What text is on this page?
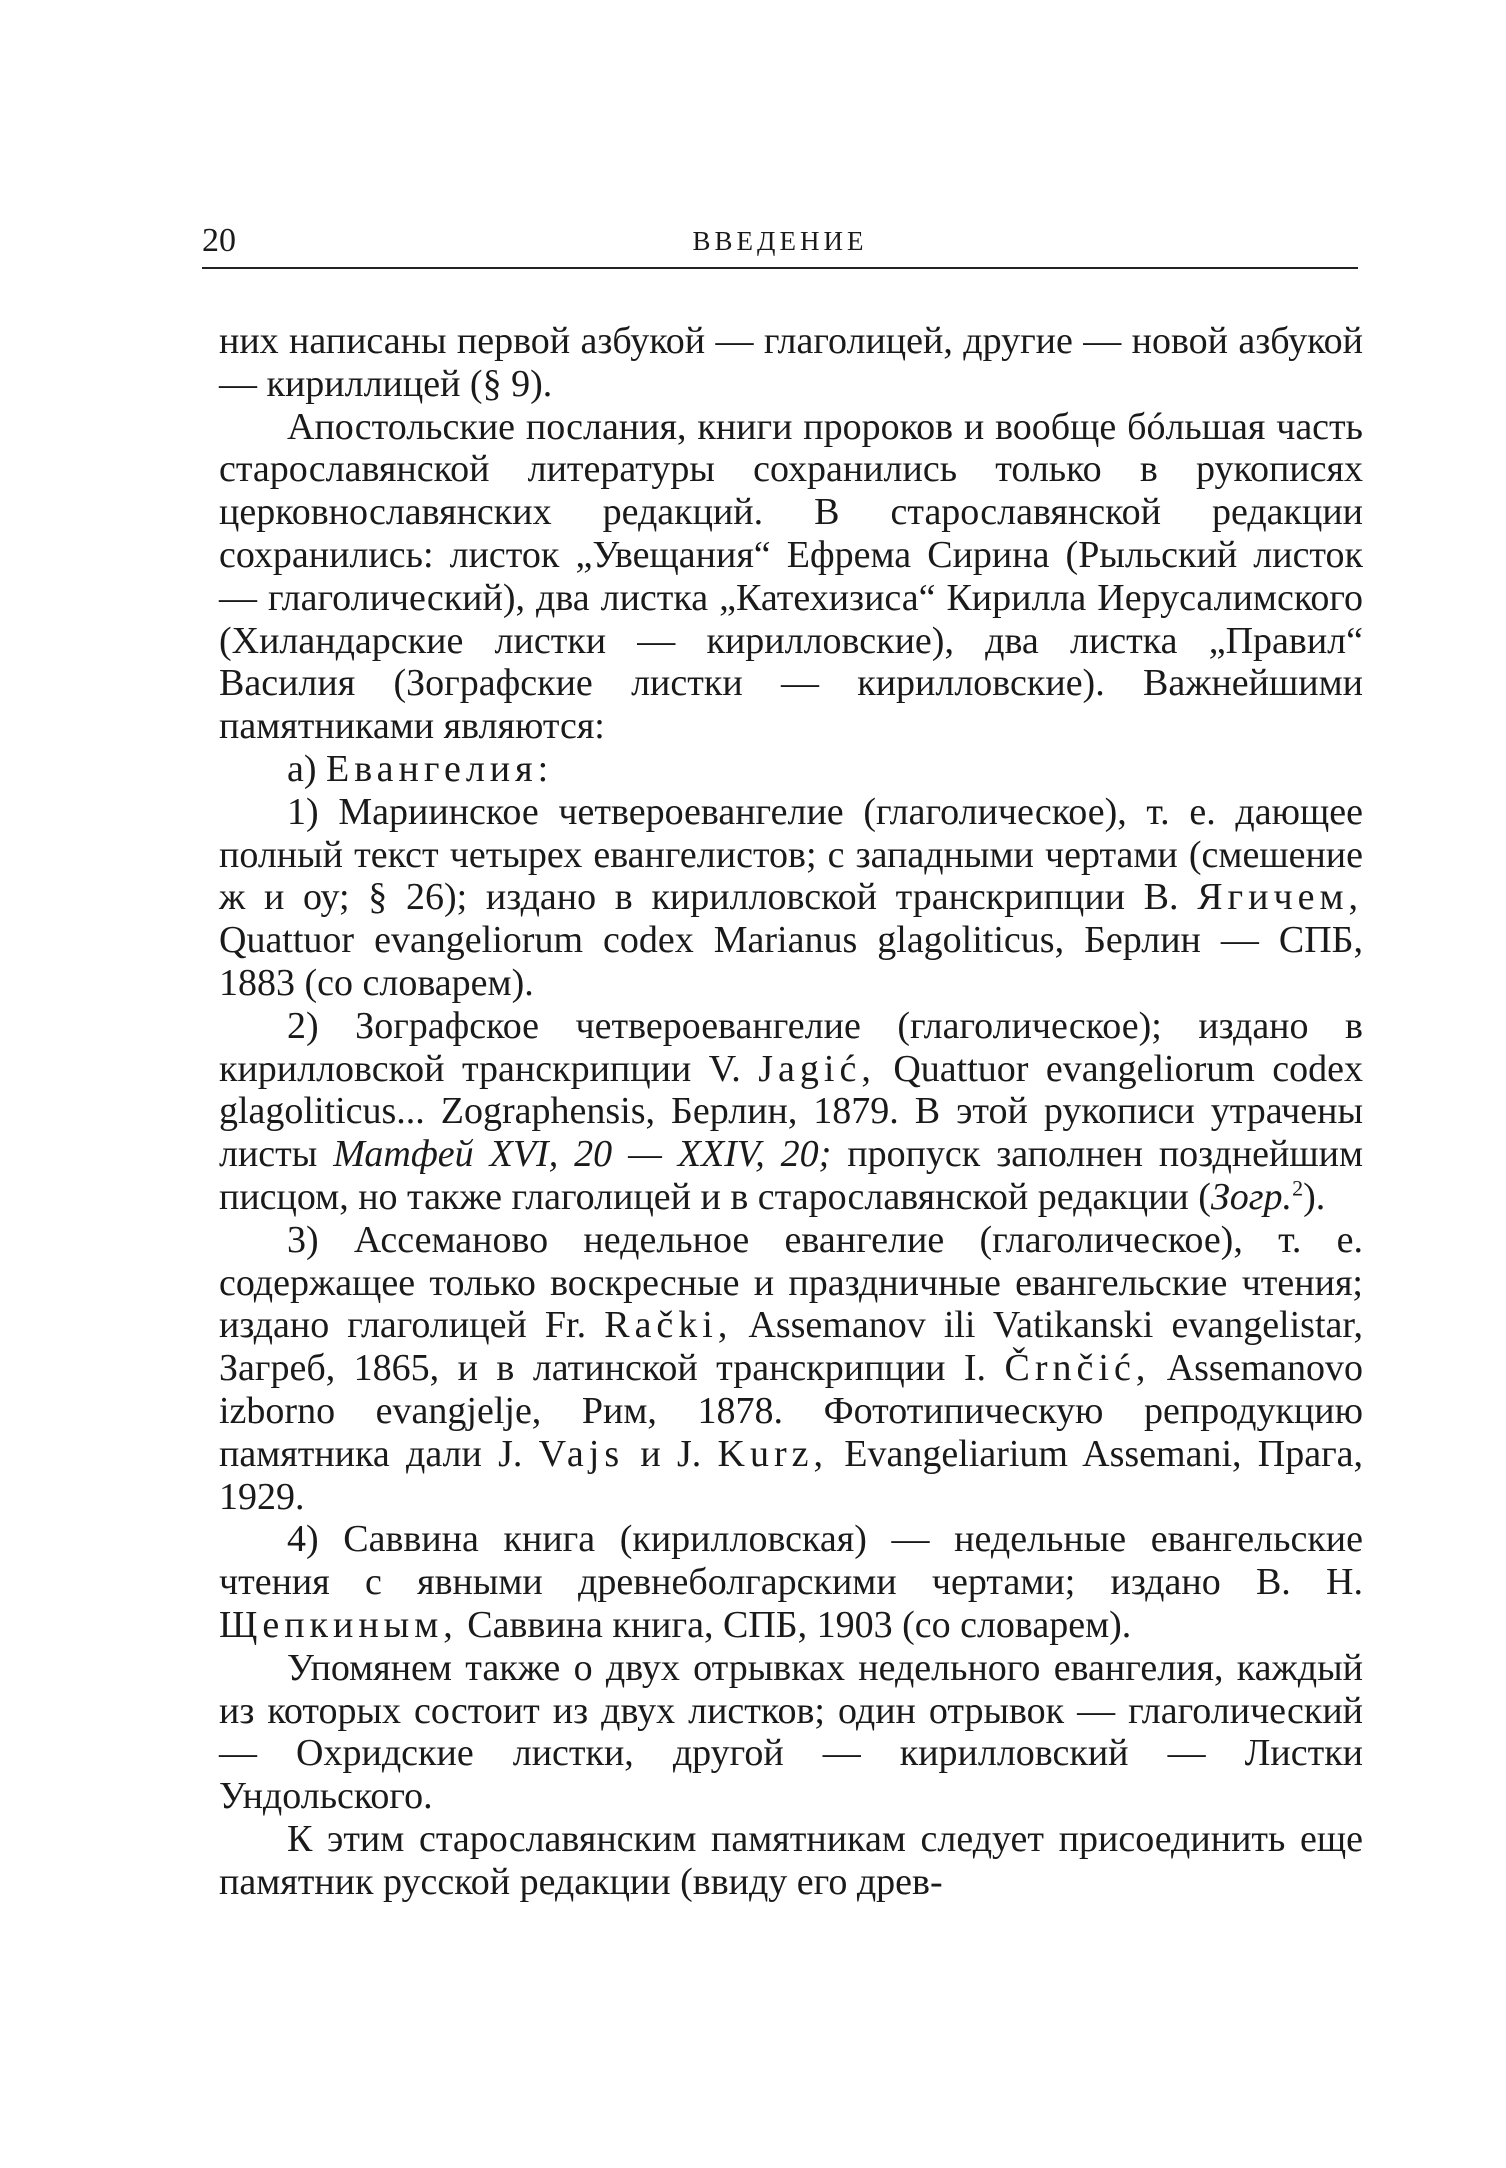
20	ВВЕДЕНИЕ

них написаны первой азбукой — глаголицей, другие — новой азбукой — кириллицей (§ 9).

Апостольские послания, книги пророков и вообще бóльшая часть старославянской литературы сохранились только в рукописях церковнославянских редакций. В старославянской редакции сохранились: листок „Увещания“ Ефрема Сирина (Рыльский листок — глаголический), два листка „Катехизиса“ Кирилла Иерусалимского (Хиландарские листки — кирилловские), два листка „Правил“ Василия (Зографские листки — кирилловские). Важнейшими памятниками являются:

а) Евангелия:

1) Мариинское четвероевангелие (глаголическое), т. е. дающее полный текст четырех евангелистов; с западными чертами (смешение ж и оу; § 26); издано в кирилловской транскрипции В. Ягичем, Quattuor evangeliorum codex Marianus glagoliticus, Берлин — СПБ, 1883 (со словарем).

2) Зографское четвероевангелие (глаголическое); издано в кирилловской транскрипции V. Jagić, Quattuor evangeliorum codex glagoliticus... Zographensis, Берлин, 1879. В этой рукописи утрачены листы Матфей XVI, 20 — XXIV, 20; пропуск заполнен позднейшим писцом, но также глаголицей и в старославянской редакции (Зогр.$^2$).

3) Ассеманово недельное евангелие (глаголическое), т. е. содержащее только воскресные и праздничные евангельские чтения; издано глаголицей Fr. Rački, Assemanov ili Vatikanski evangelistar, Загреб, 1865, и в латинской транскрипции I. Črnčić, Assemanovo izborno evangjelje, Рим, 1878. Фототипическую репродукцию памятника дали J. Vajs и J. Kurz, Evangeliarium Assemani, Прага, 1929.

4) Саввина книга (кирилловская) — недельные евангельские чтения с явными древнеболгарскими чертами; издано В. Н. Щепкиным, Саввина книга, СПБ, 1903 (со словарем).

Упомянем также о двух отрывках недельного евангелия, каждый из которых состоит из двух листков; один отрывок — глаголический — Охридские листки, другой — кирилловский — Листки Ундольского.

К этим старославянским памятникам следует присоединить еще памятник русской редакции (ввиду его древ-
